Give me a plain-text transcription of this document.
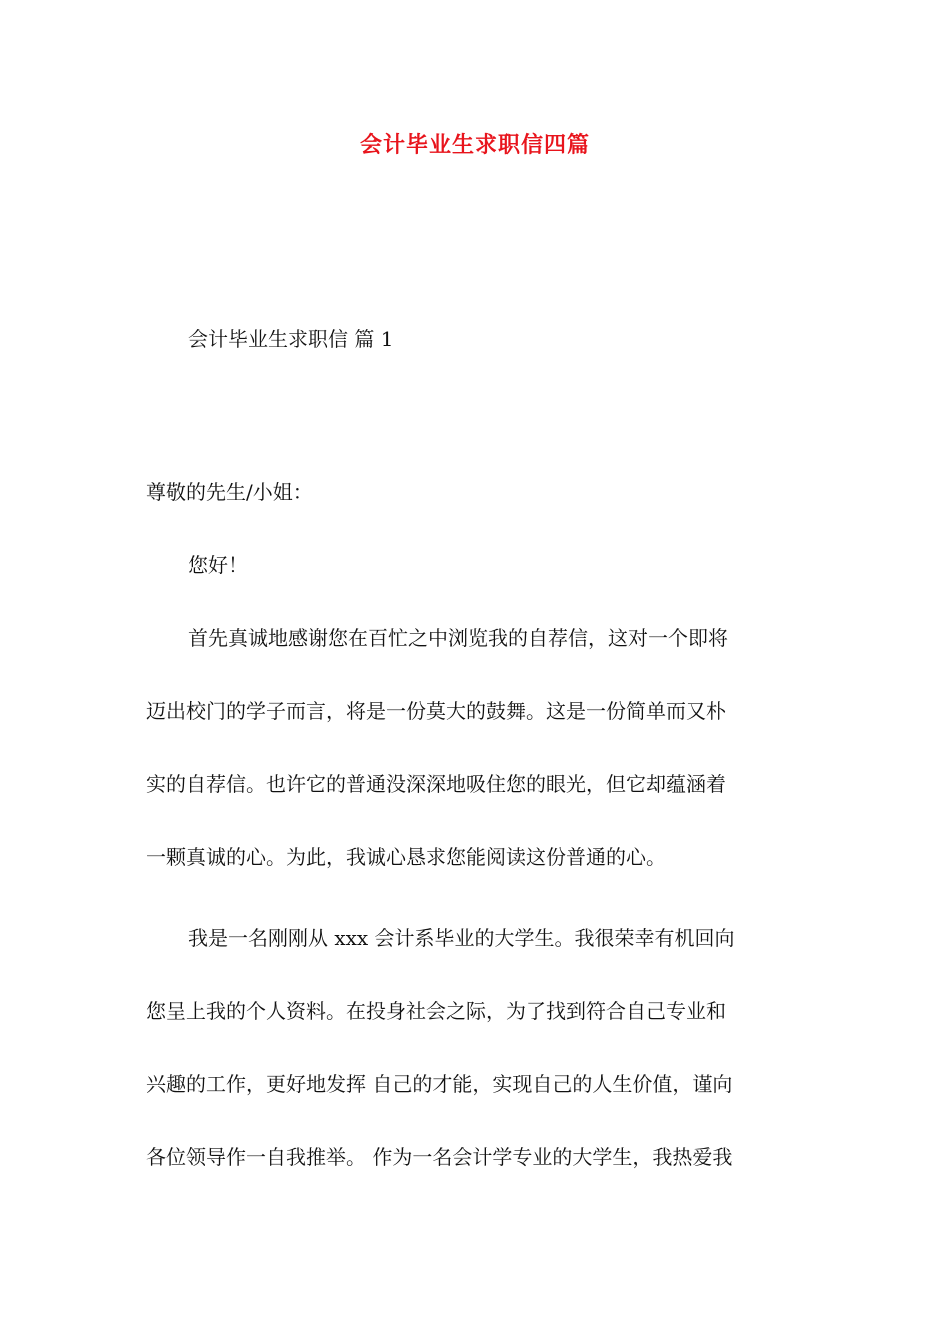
会计毕业生求职信四篇

会计毕业生求职信 篇 1

尊敬的先生/小姐：

您好！

首先真诚地感谢您在百忙之中浏览我的自荐信，这对一个即将

迈出校门的学子而言，将是一份莫大的鼓舞。这是一份简单而又朴

实的自荐信。也许它的普通没深深地吸住您的眼光，但它却蕴涵着

一颗真诚的心。为此，我诚心恳求您能阅读这份普通的心。

我是一名刚刚从 xxx 会计系毕业的大学生。我很荣幸有机回向

您呈上我的个人资料。在投身社会之际，为了找到符合自己专业和

兴趣的工作，更好地发挥 自己的才能，实现自己的人生价值，谨向

各位领导作一自我推举。 作为一名会计学专业的大学生，我热爱我
